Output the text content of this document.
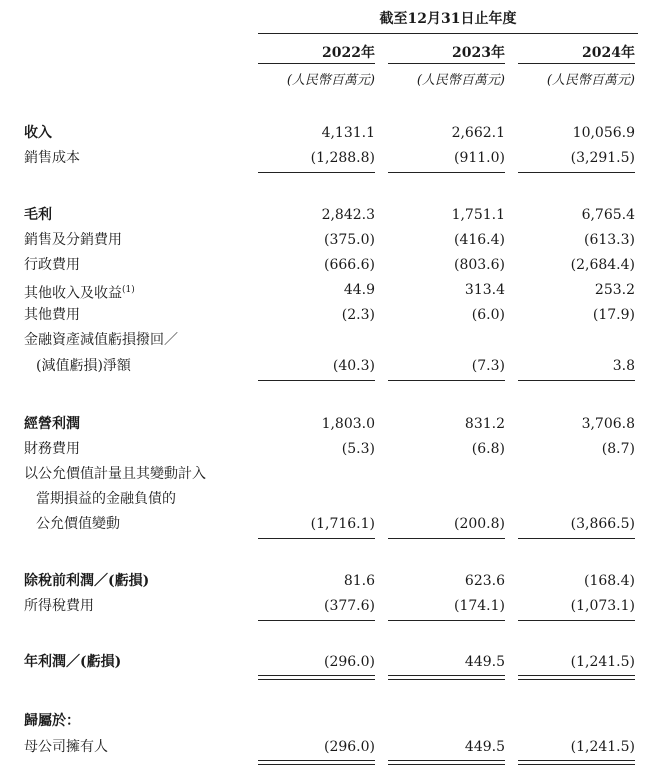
截至12月31日止年度
2022年	2023年	2024年
(人民幣百萬元)	(人民幣百萬元)	(人民幣百萬元)
收入	4,131.1	2,662.1	10,056.9
銷售成本	(1,288.8)	(911.0)	(3,291.5)
毛利	2,842.3	1,751.1	6,765.4
銷售及分銷費用	(375.0)	(416.4)	(613.3)
行政費用	(666.6)	(803.6)	(2,684.4)
其他收入及收益$^{(1)}$	44.9	313.4	253.2
其他費用	(2.3)	(6.0)	(17.9)
金融資產減值虧損撥回／
(減值虧損)淨額	(40.3)	(7.3)	3.8
經營利潤	1,803.0	831.2	3,706.8
財務費用	(5.3)	(6.8)	(8.7)
以公允價值計量且其變動計入
當期損益的金融負債的
公允價值變動	(1,716.1)	(200.8)	(3,866.5)
除稅前利潤／(虧損)	81.6	623.6	(168.4)
所得稅費用	(377.6)	(174.1)	(1,073.1)
年利潤／(虧損)	(296.0)	449.5	(1,241.5)
歸屬於：
母公司擁有人	(296.0)	449.5	(1,241.5)
